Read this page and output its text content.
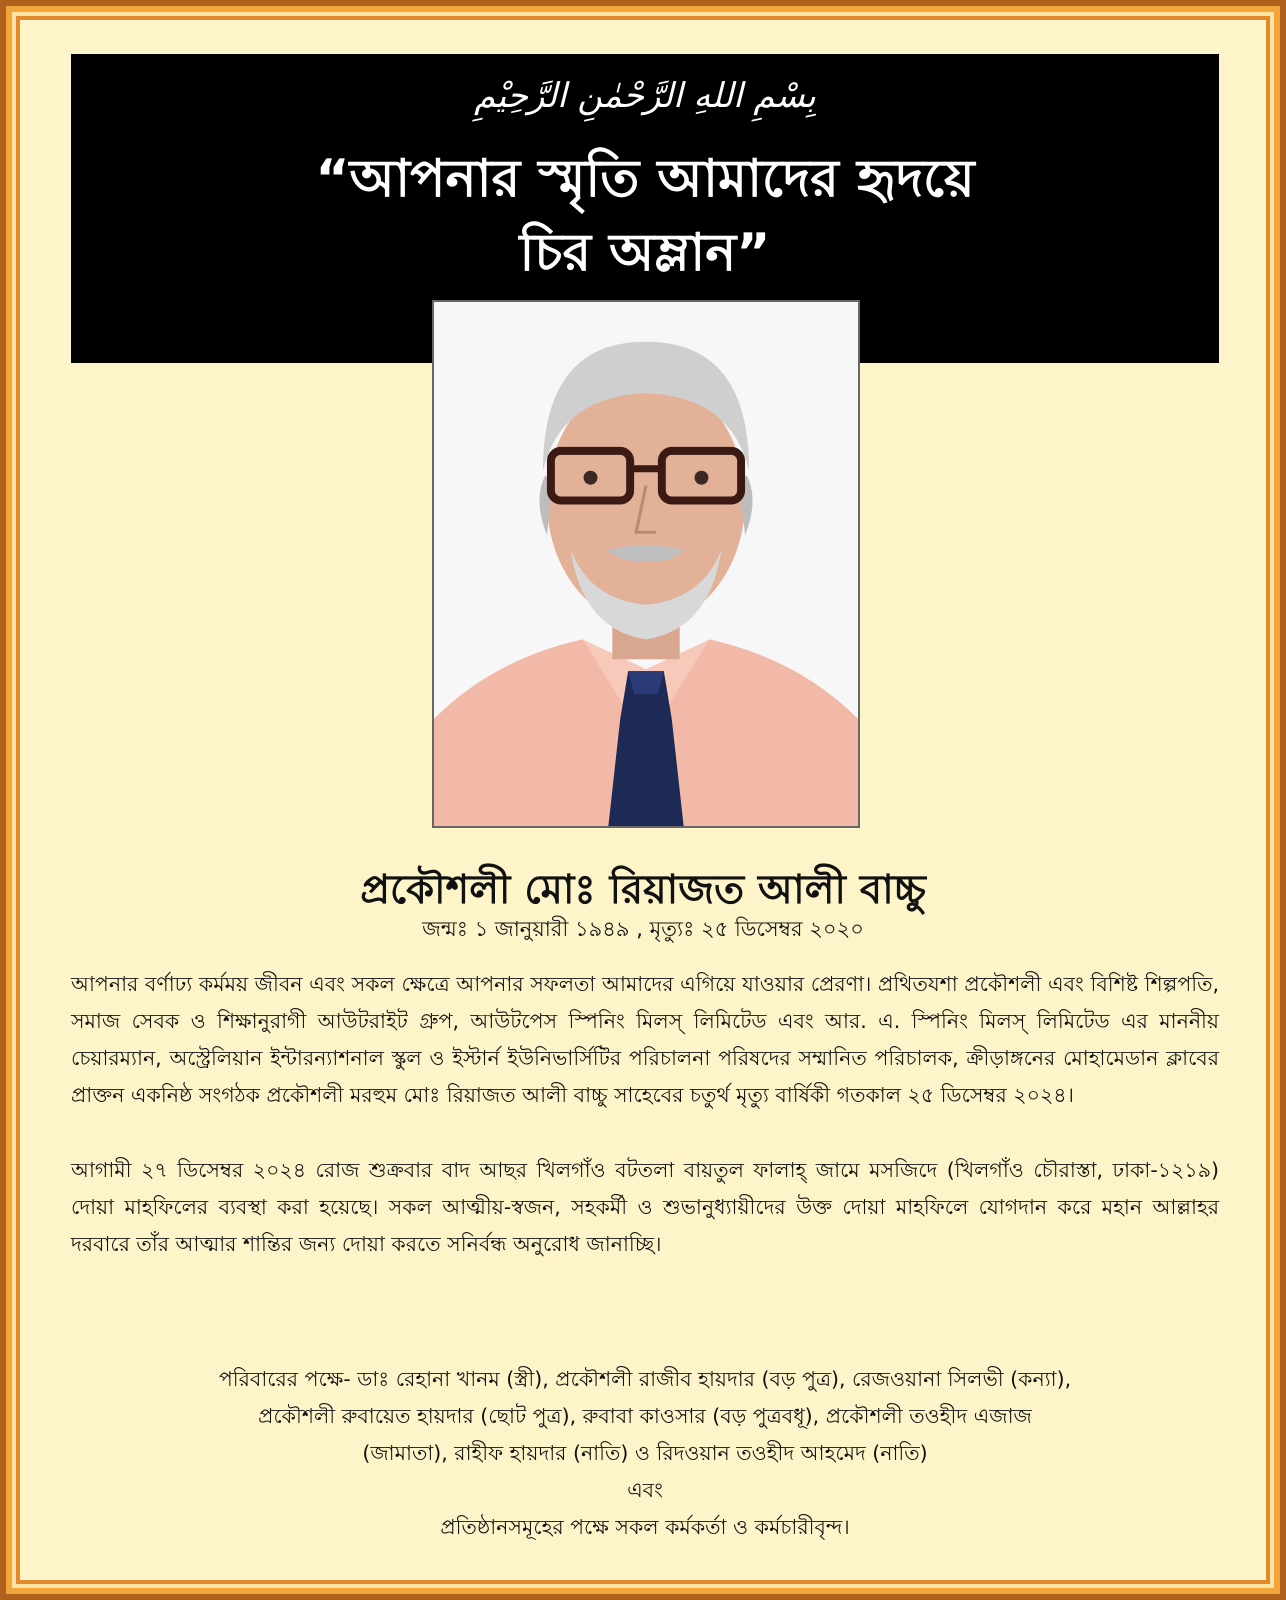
بِسْمِ اللهِ الرَّحْمٰنِ الرَّحِيْمِ
“আপনার স্মৃতি আমাদের হৃদয়ে
চির অম্লান”
প্রকৌশলী মোঃ রিয়াজত আলী বাচ্চু
জন্মঃ ১ জানুয়ারী ১৯৪৯ , মৃত্যুঃ ২৫ ডিসেম্বর ২০২০

আপনার বর্ণাঢ্য কর্মময় জীবন এবং সকল ক্ষেত্রে আপনার সফলতা আমাদের এগিয়ে যাওয়ার প্রেরণা। প্রথিতযশা প্রকৌশলী এবং বিশিষ্ট শিল্পপতি, সমাজ সেবক ও শিক্ষানুরাগী আউটরাইট গ্রুপ, আউটপেস স্পিনিং মিলস্ লিমিটেড এবং আর. এ. স্পিনিং মিলস্ লিমিটেড এর মাননীয় চেয়ারম্যান, অস্ট্রেলিয়ান ইন্টারন্যাশনাল স্কুল ও ইস্টার্ন ইউনিভার্সিটির পরিচালনা পরিষদের সম্মানিত পরিচালক, ক্রীড়াঙ্গনের মোহামেডান ক্লাবের প্রাক্তন একনিষ্ঠ সংগঠক প্রকৌশলী মরহুম মোঃ রিয়াজত আলী বাচ্চু সাহেবের চতুর্থ মৃত্যু বার্ষিকী গতকাল ২৫ ডিসেম্বর ২০২৪।

আগামী ২৭ ডিসেম্বর ২০২৪ রোজ শুক্রবার বাদ আছর খিলগাঁও বটতলা বায়তুল ফালাহ্ জামে মসজিদে (খিলগাঁও চৌরাস্তা, ঢাকা-১২১৯) দোয়া মাহফিলের ব্যবস্থা করা হয়েছে। সকল আত্মীয়-স্বজন, সহকর্মী ও শুভানুধ্যায়ীদের উক্ত দোয়া মাহফিলে যোগদান করে মহান আল্লাহর দরবারে তাঁর আত্মার শান্তির জন্য দোয়া করতে সনির্বন্ধ অনুরোধ জানাচ্ছি।

পরিবারের পক্ষে- ডাঃ রেহানা খানম (স্ত্রী), প্রকৌশলী রাজীব হায়দার (বড় পুত্র), রেজওয়ানা সিলভী (কন্যা),
প্রকৌশলী রুবায়েত হায়দার (ছোট পুত্র), রুবাবা কাওসার (বড় পুত্রবধূ), প্রকৌশলী তওহীদ এজাজ
(জামাতা), রাহীফ হায়দার (নাতি) ও রিদওয়ান তওহীদ আহমেদ (নাতি)
এবং
প্রতিষ্ঠানসমূহের পক্ষে সকল কর্মকর্তা ও কর্মচারীবৃন্দ।
